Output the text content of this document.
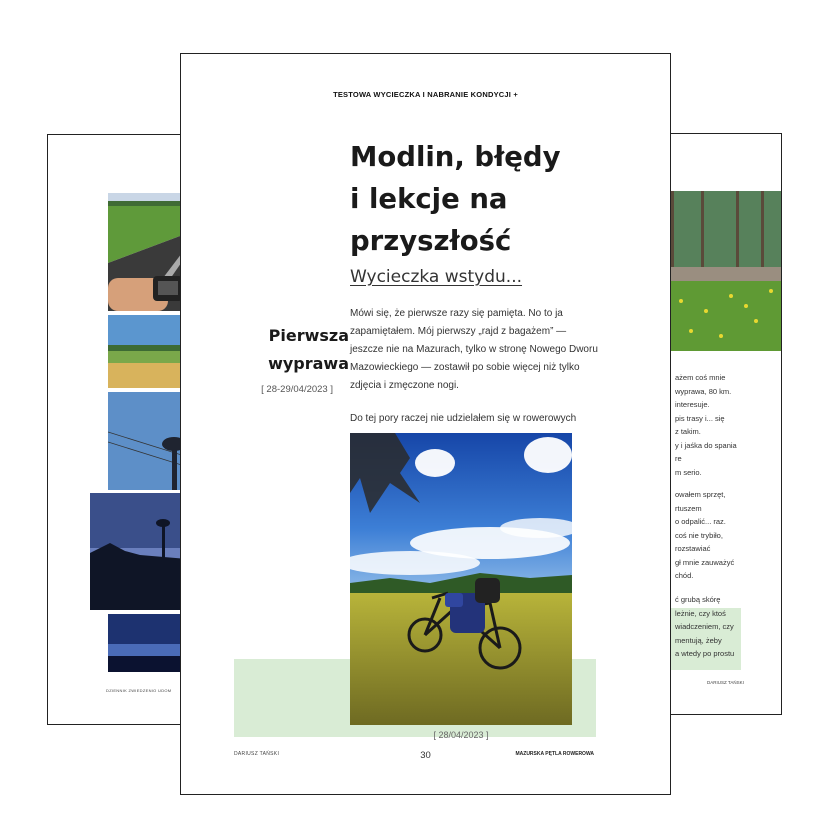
DZIENNIK ZWIEDZENIO UDOM
ażem coś mnie
wyprawa, 80 km.
interesuje.
pis trasy i... się
z takim.
y i jaśka do spania
re
m serio.
owałem sprzęt,
rtuszem
o odpalić... raz.
coś nie trybiło,
rozstawiać
gł mnie zauważyć
chód.
ć grubą skórę
leżnie, czy ktoś
wiadczeniem, czy
mentują, żeby
a wtedy po prostu
DARIUSZ TAŃSKI
TESTOWA WYCIECZKA I NABRANIE KONDYCJI +
Modlin, błędy
i lekcje na
przyszłość
Wycieczka wstydu...
Pierwsza
wyprawa
[ 28-29/04/2023 ]

Mówi się, że pierwsze razy się pamięta. No to ja zapamiętałem. Mój pierwszy „rajd z bagażem” — jeszcze nie na Mazurach, tylko w stronę Nowego Dworu Mazowieckiego — zostawił po sobie więcej niż tylko zdjęcia i zmęczone nogi.

Do tej pory raczej nie udzielałem się w rowerowych

[ 28/04/2023 ]
DARIUSZ TAŃSKI	30	MAZURSKA PĘTLA ROWEROWA
